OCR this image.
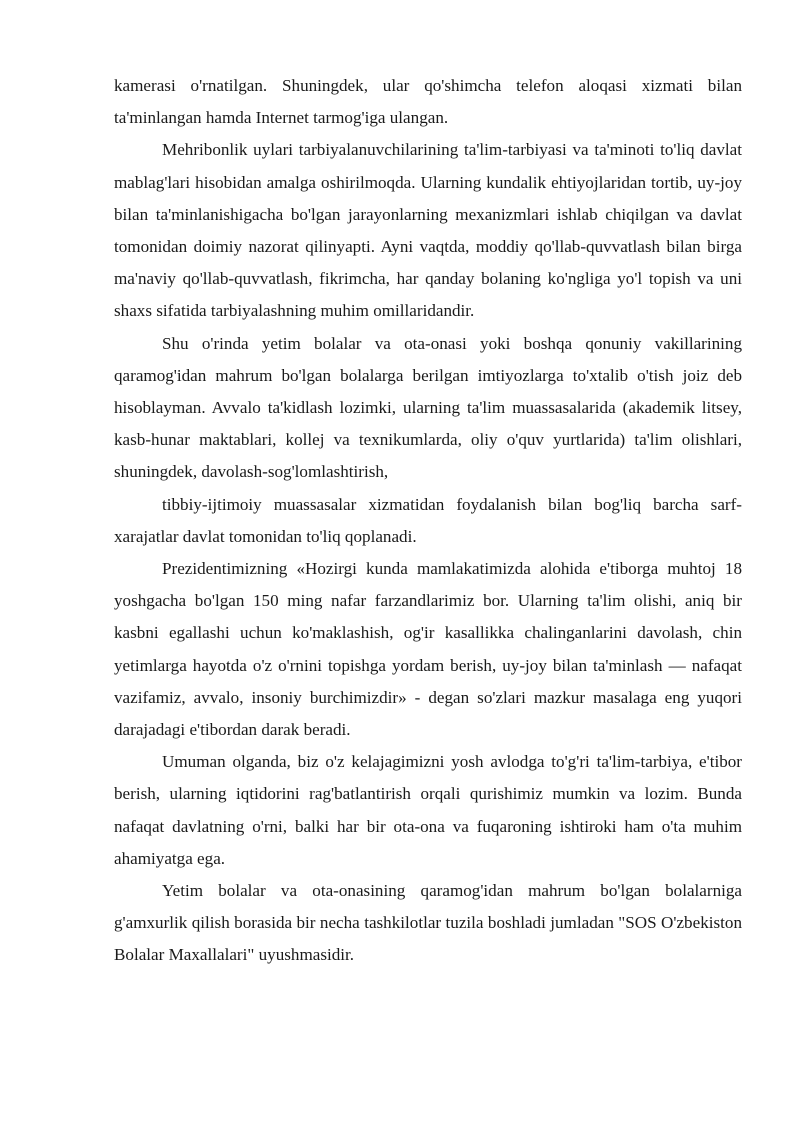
kamerasi o'rnatilgan. Shuningdek, ular qo'shimcha telefon aloqasi xizmati bilan ta'minlangan hamda Internet tarmog'iga ulangan.

Mehribonlik uylari tarbiyalanuvchilarining ta'lim-tarbiyasi va ta'minoti to'liq davlat mablag'lari hisobidan amalga oshirilmoqda. Ularning kundalik ehtiyojlaridan tortib, uy-joy bilan ta'minlanishigacha bo'lgan jarayonlarning mexanizmlari ishlab chiqilgan va davlat tomonidan doimiy nazorat qilinyapti. Ayni vaqtda, moddiy qo'llab-quvvatlash bilan birga ma'naviy qo'llab-quvvatlash, fikrimcha, har qanday bolaning ko'ngliga yo'l topish va uni shaxs sifatida tarbiyalashning muhim omillaridandir.

Shu o'rinda yetim bolalar va ota-onasi yoki boshqa qonuniy vakillarining qaramog'idan mahrum bo'lgan bolalarga berilgan imtiyozlarga to'xtalib o'tish joiz deb hisoblayman. Avvalo ta'kidlash lozimki, ularning ta'lim muassasalarida (akademik litsey, kasb-hunar maktablari, kollej va texnikumlarda, oliy o'quv yurtlarida) ta'lim olishlari, shuningdek, davolash-sog'lomlashtirish,

tibbiy-ijtimoiy muassasalar xizmatidan foydalanish bilan bog'liq barcha sarf-xarajatlar davlat tomonidan to'liq qoplanadi.

Prezidentimizning «Hozirgi kunda mamlakatimizda alohida e'tiborga muhtoj 18 yoshgacha bo'lgan 150 ming nafar farzandlarimiz bor. Ularning ta'lim olishi, aniq bir kasbni egallashi uchun ko'maklashish, og'ir kasallikka chalinganlarini davolash, chin yetimlarga hayotda o'z o'rnini topishga yordam berish, uy-joy bilan ta'minlash — nafaqat vazifamiz, avvalo, insoniy burchimizdir» - degan so'zlari mazkur masalaga eng yuqori darajadagi e'tibordan darak beradi.

Umuman olganda, biz o'z kelajagimizni yosh avlodga to'g'ri ta'lim-tarbiya, e'tibor berish, ularning iqtidorini rag'batlantirish orqali qurishimiz mumkin va lozim. Bunda nafaqat davlatning o'rni, balki har bir ota-ona va fuqaroning ishtiroki ham o'ta muhim ahamiyatga ega.

Yetim bolalar va ota-onasining qaramog'idan mahrum bo'lgan bolalarniga g'amxurlik qilish borasida bir necha tashkilotlar tuzila boshladi jumladan "SOS O'zbekiston Bolalar Maxallalari" uyushmasidir.
